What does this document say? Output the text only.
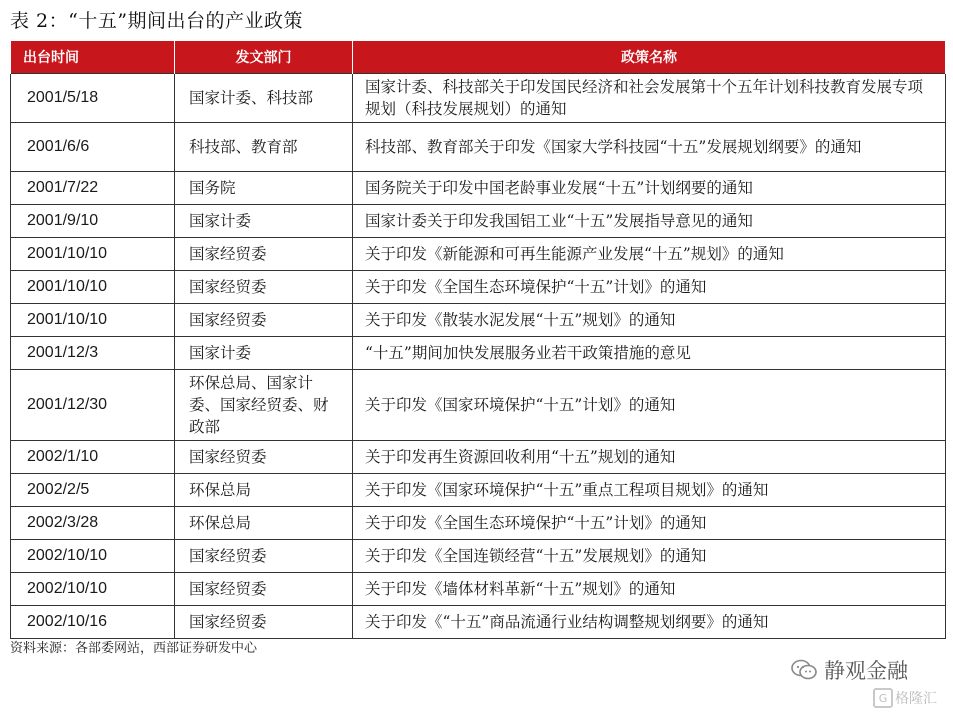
表 2：“十五”期间出台的产业政策
出台时间	发文部门	政策名称
2001/5/18	国家计委、科技部	国家计委、科技部关于印发国民经济和社会发展第十个五年计划科技教育发展专项规划（科技发展规划）的通知
2001/6/6	科技部、教育部	科技部、教育部关于印发《国家大学科技园“十五”发展规划纲要》的通知
2001/7/22	国务院	国务院关于印发中国老龄事业发展“十五”计划纲要的通知
2001/9/10	国家计委	国家计委关于印发我国铝工业“十五”发展指导意见的通知
2001/10/10	国家经贸委	关于印发《新能源和可再生能源产业发展“十五”规划》的通知
2001/10/10	国家经贸委	关于印发《全国生态环境保护“十五”计划》的通知
2001/10/10	国家经贸委	关于印发《散装水泥发展“十五”规划》的通知
2001/12/3	国家计委	“十五”期间加快发展服务业若干政策措施的意见
2001/12/30	环保总局、国家计委、国家经贸委、财政部	关于印发《国家环境保护“十五”计划》的通知
2002/1/10	国家经贸委	关于印发再生资源回收利用“十五”规划的通知
2002/2/5	环保总局	关于印发《国家环境保护“十五”重点工程项目规划》的通知
2002/3/28	环保总局	关于印发《全国生态环境保护“十五”计划》的通知
2002/10/10	国家经贸委	关于印发《全国连锁经营“十五”发展规划》的通知
2002/10/10	国家经贸委	关于印发《墙体材料革新“十五”规划》的通知
2002/10/16	国家经贸委	关于印发《“十五”商品流通行业结构调整规划纲要》的通知
资料来源：各部委网站，西部证券研发中心
静观金融
G 格隆汇
